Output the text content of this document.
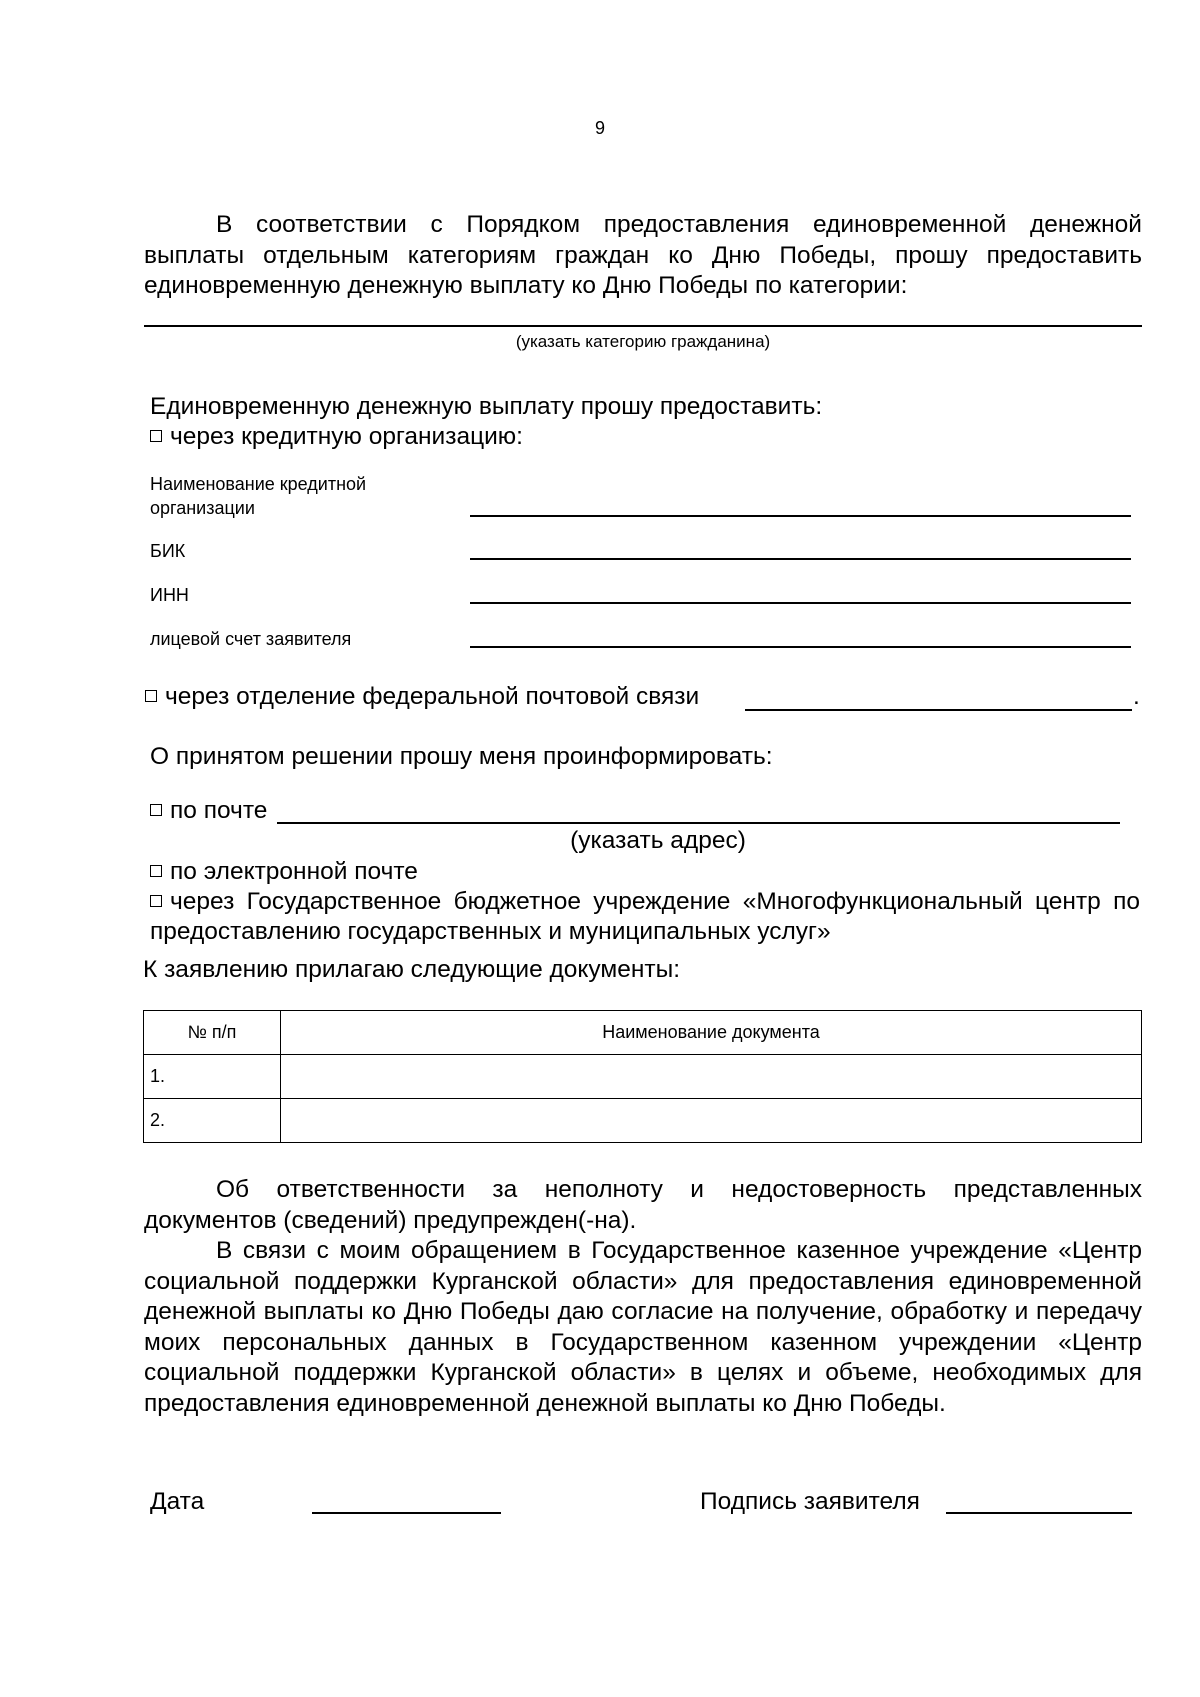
9

В соответствии с Порядком предоставления единовременной денежной выплаты отдельным категориям граждан ко Дню Победы, прошу предоставить единовременную денежную выплату ко Дню Победы по категории:

(указать категорию гражданина)
Единовременную денежную выплату прошу предоставить:
через кредитную организацию:
Наименование кредитной организации
БИК
ИНН
лицевой счет заявителя
через отделение федеральной почтовой связи	.
О принятом решении прошу меня проинформировать:
по почте
(указать адрес)
по электронной почте
через Государственное бюджетное учреждение «Многофункциональный центр по предоставлению государственных и муниципальных услуг»
К заявлению прилагаю следующие документы:
№ п/п	Наименование документа
1.	
2.	

Об ответственности за неполноту и недостоверность представленных документов (сведений) предупрежден(-на).

В связи с моим обращением в Государственное казенное учреждение «Центр социальной поддержки Курганской области» для предоставления единовременной денежной выплаты ко Дню Победы даю согласие на получение, обработку и передачу моих персональных данных в Государственном казенном учреждении «Центр социальной поддержки Курганской области» в целях и объеме, необходимых для предоставления единовременной денежной выплаты ко Дню Победы.

Дата	Подпись заявителя
